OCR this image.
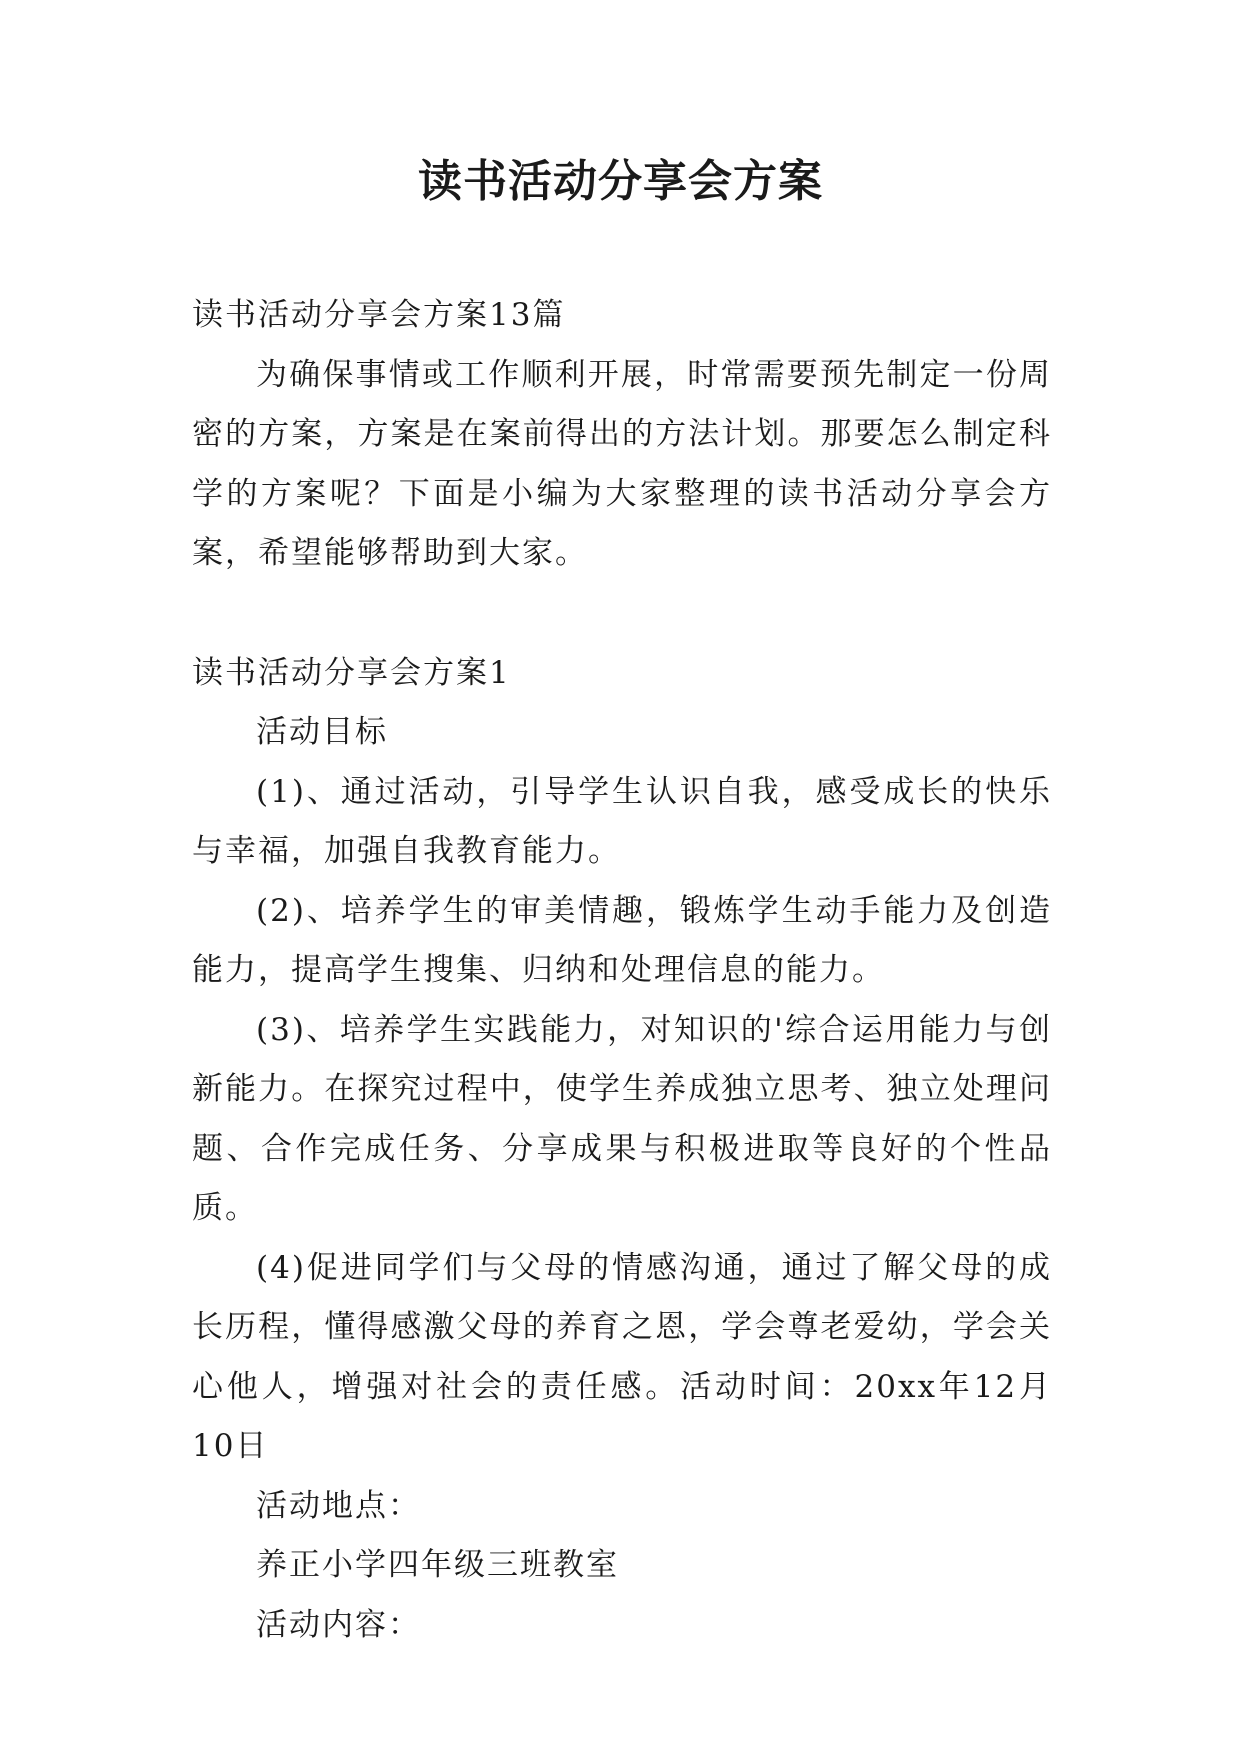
读书活动分享会方案

读书活动分享会方案13篇

为确保事情或工作顺利开展，时常需要预先制定一份周密的方案，方案是在案前得出的方法计划。那要怎么制定科学的方案呢？下面是小编为大家整理的读书活动分享会方案，希望能够帮助到大家。

读书活动分享会方案1

活动目标

(1)、通过活动，引导学生认识自我，感受成长的快乐与幸福，加强自我教育能力。

(2)、培养学生的审美情趣，锻炼学生动手能力及创造能力，提高学生搜集、归纳和处理信息的能力。

(3)、培养学生实践能力，对知识的'综合运用能力与创新能力。在探究过程中，使学生养成独立思考、独立处理问题、合作完成任务、分享成果与积极进取等良好的个性品质。

(4)促进同学们与父母的情感沟通，通过了解父母的成长历程，懂得感激父母的养育之恩，学会尊老爱幼，学会关心他人，增强对社会的责任感。活动时间：20xx年12月10日

活动地点：

养正小学四年级三班教室

活动内容：
